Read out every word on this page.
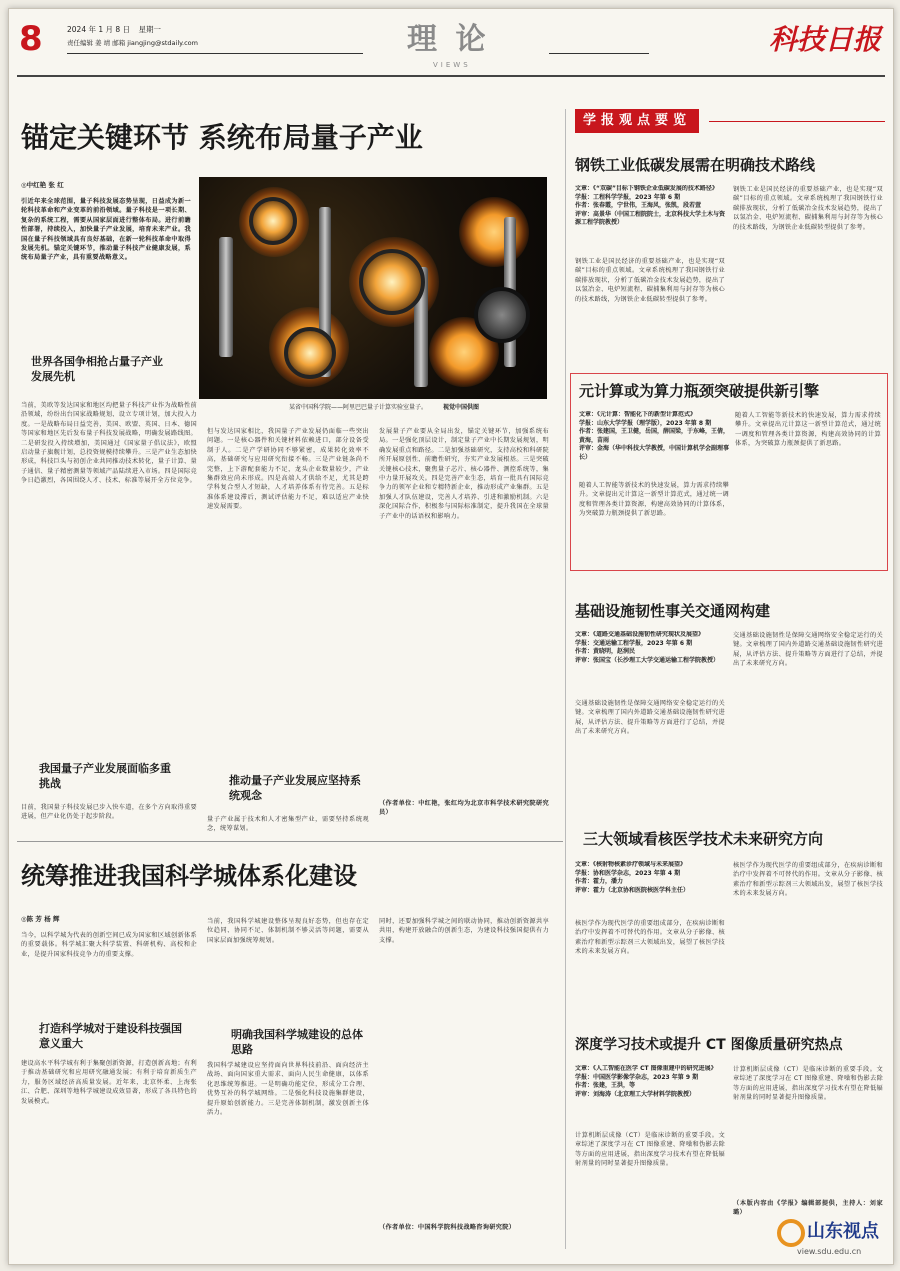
8	2024 年 1 月 8 日 星期一
责任编辑 姜 靖 邮箱 jiangjing@stdaily.com	理 论
VIEWS
科技日报
锚定关键环节 系统布局量子产业
◎中红艳 张 红
引近年来全球范围，量子科技发展态势呈现，日益成为新一轮科技革命和产业变革的前沿领域。量子科技是一项长期、复杂的系统工程，需要从国家层面进行整体布局。进行前瞻性部署，持续投入，加快量子产业发展，培育未来产业。我国在量子科技领域具有良好基础，在新一轮科技革命中取得发展先机。锚定关键环节，推动量子科技产业健康发展，系统布局量子产业，具有重要战略意义。
某省中国科学院——阿里巴巴量子计算实验室量子。	视觉中国供图
世界各国争相抢占量子产业发展先机
当前，美欧等发达国家和地区均把量子科技产业作为战略性前沿领域，纷纷出台国家战略规划、设立专项计划，加大投入力度。一是战略布局日益完善，美国、欧盟、英国、日本、德国等国家和地区先后发布量子科技发展战略，明确发展路线图。二是研发投入持续增加，美国通过《国家量子倡议法》，欧盟启动量子旗舰计划，总投资规模持续攀升。三是产业生态加快形成，科技巨头与初创企业共同推动技术转化，量子计算、量子通信、量子精密测量等领域产品陆续进入市场。四是国际竞争日趋激烈，各国围绕人才、技术、标准等展开全方位竞争。
我国量子产业发展面临多重挑战
目前，我国量子科技发展已步入快车道，在多个方向取得重要进展，但产业化仍处于起步阶段。
但与发达国家相比，我国量子产业发展仍面临一些突出问题。一是核心器件和关键材料依赖进口，部分设备受制于人。二是产学研协同不够紧密，成果转化效率不高，基础研究与应用研究衔接不畅。三是产业链条尚不完整，上下游配套能力不足，龙头企业数量较少，产业集群效应尚未形成。四是高端人才供给不足，尤其是跨学科复合型人才短缺，人才培养体系有待完善。五是标准体系建设滞后，测试评估能力不足，难以适应产业快速发展需要。
推动量子产业发展应坚持系统观念
量子产业属于技术和人才密集型产业，需要坚持系统观念，统筹谋划。
发展量子产业要从全局出发，锚定关键环节，加强系统布局。一是强化顶层设计，制定量子产业中长期发展规划，明确发展重点和路径。二是加强基础研究，支持高校和科研院所开展原创性、前瞻性研究，夯实产业发展根基。三是突破关键核心技术，聚焦量子芯片、核心器件、测控系统等，集中力量开展攻关。四是完善产业生态，培育一批具有国际竞争力的领军企业和专精特新企业，推动形成产业集群。五是加强人才队伍建设，完善人才培养、引进和激励机制。六是深化国际合作，积极参与国际标准制定，提升我国在全球量子产业中的话语权和影响力。
（作者单位：中红艳，张红均为北京市科学技术研究院研究员）
统筹推进我国科学城体系化建设
◎陈 芳 杨 辉
当今，以科学城为代表的创新空间已成为国家和区域创新体系的重要载体。科学城汇聚大科学装置、科研机构、高校和企业，是提升国家科技竞争力的重要支撑。
打造科学城对于建设科技强国意义重大
建设高水平科学城有利于集聚创新资源，打造创新高地；有利于推动基础研究和应用研究融通发展；有利于培育新质生产力，服务区域经济高质量发展。近年来，北京怀柔、上海张江、合肥、深圳等地科学城建设成效显著，形成了各具特色的发展模式。
当前，我国科学城建设整体呈现良好态势，但也存在定位趋同、协同不足、体制机制不够灵活等问题，需要从国家层面加强统筹规划。
明确我国科学城建设的总体思路
我国科学城建设应坚持面向世界科技前沿、面向经济主战场、面向国家重大需求、面向人民生命健康，以体系化思维统筹推进。一是明确功能定位，形成分工合理、优势互补的科学城网络。二是强化科技设施集群建设，提升原始创新能力。三是完善体制机制，激发创新主体活力。
同时，还要加强科学城之间的联动协同，推动创新资源共享共用，构建开放融合的创新生态，为建设科技强国提供有力支撑。
（作者单位：中国科学院科技战略咨询研究院）
学报观点要览
钢铁工业低碳发展需在明确技术路线
文章：《“双碳”目标下钢铁企业低碳发展的技术路径》
学报：工程科学学报，2023 年第 6 期
作者：张春霞，宁世伟，王海风，张凯，段若萱
评审：高景华（中国工程院院士，北京科技大学土木与资源工程学院教授）
钢铁工业是国民经济的重要基础产业，也是实现“双碳”目标的重点领域。文章系统梳理了我国钢铁行业碳排放现状，分析了低碳冶金技术发展趋势，提出了以氢冶金、电炉短流程、碳捕集利用与封存等为核心的技术路线，为钢铁企业低碳转型提供了参考。
钢铁工业是国民经济的重要基础产业，也是实现“双碳”目标的重点领域。文章系统梳理了我国钢铁行业碳排放现状，分析了低碳冶金技术发展趋势，提出了以氢冶金、电炉短流程、碳捕集利用与封存等为核心的技术路线，为钢铁企业低碳转型提供了参考。
元计算或为算力瓶颈突破提供新引擎
文章：《元计算：智能化下的新型计算范式》
学报：山东大学学报（理学版），2023 年第 8 期
作者：张建国，王卫健，岳国，薛国梁，于东峰，王倩，黄海，苗雨
评审：金海（华中科技大学教授，中国计算机学会副理事长）
随着人工智能等新技术的快速发展，算力需求持续攀升。文章提出元计算这一新型计算范式，通过统一调度和管理各类计算资源，构建高效协同的计算体系，为突破算力瓶颈提供了新思路。
随着人工智能等新技术的快速发展，算力需求持续攀升。文章提出元计算这一新型计算范式，通过统一调度和管理各类计算资源，构建高效协同的计算体系，为突破算力瓶颈提供了新思路。
基础设施韧性事关交通网构建
文章：《道路交通基础设施韧性研究现状及展望》
学报：交通运输工程学报，2023 年第 6 期
作者：黄晓明，赵润民
评审：张国宝（长沙理工大学交通运输工程学院教授）
交通基础设施韧性是保障交通网络安全稳定运行的关键。文章梳理了国内外道路交通基础设施韧性研究进展，从评估方法、提升策略等方面进行了总结，并提出了未来研究方向。
交通基础设施韧性是保障交通网络安全稳定运行的关键。文章梳理了国内外道路交通基础设施韧性研究进展，从评估方法、提升策略等方面进行了总结，并提出了未来研究方向。
三大领域看核医学技术未来研究方向
文章：《核射物核素诊疗领域与未来展望》
学报：协和医学杂志，2023 年第 4 期
作者：霍力，潘力
评审：霍力（北京协和医院核医学科主任）
核医学作为现代医学的重要组成部分，在疾病诊断和治疗中发挥着不可替代的作用。文章从分子影像、核素治疗和新型示踪剂三大领域出发，展望了核医学技术的未来发展方向。
核医学作为现代医学的重要组成部分，在疾病诊断和治疗中发挥着不可替代的作用。文章从分子影像、核素治疗和新型示踪剂三大领域出发，展望了核医学技术的未来发展方向。
深度学习技术或提升 CT 图像质量研究热点
文章：《人工智能在医学 CT 图像重建中的研究进展》
学报：中国医学影像学杂志，2023 年第 9 期
作者：张建，王洪，等
评审：刘海涛（北京理工大学材料学院教授）
计算机断层成像（CT）是临床诊断的重要手段。文章综述了深度学习在 CT 图像重建、降噪和伪影去除等方面的应用进展，指出深度学习技术有望在降低辐射剂量的同时显著提升图像质量。
计算机断层成像（CT）是临床诊断的重要手段。文章综述了深度学习在 CT 图像重建、降噪和伪影去除等方面的应用进展，指出深度学习技术有望在降低辐射剂量的同时显著提升图像质量。
（本版内容由《学报》编辑部提供，主持人：刘家璐）
山东视点
view.sdu.edu.cn
